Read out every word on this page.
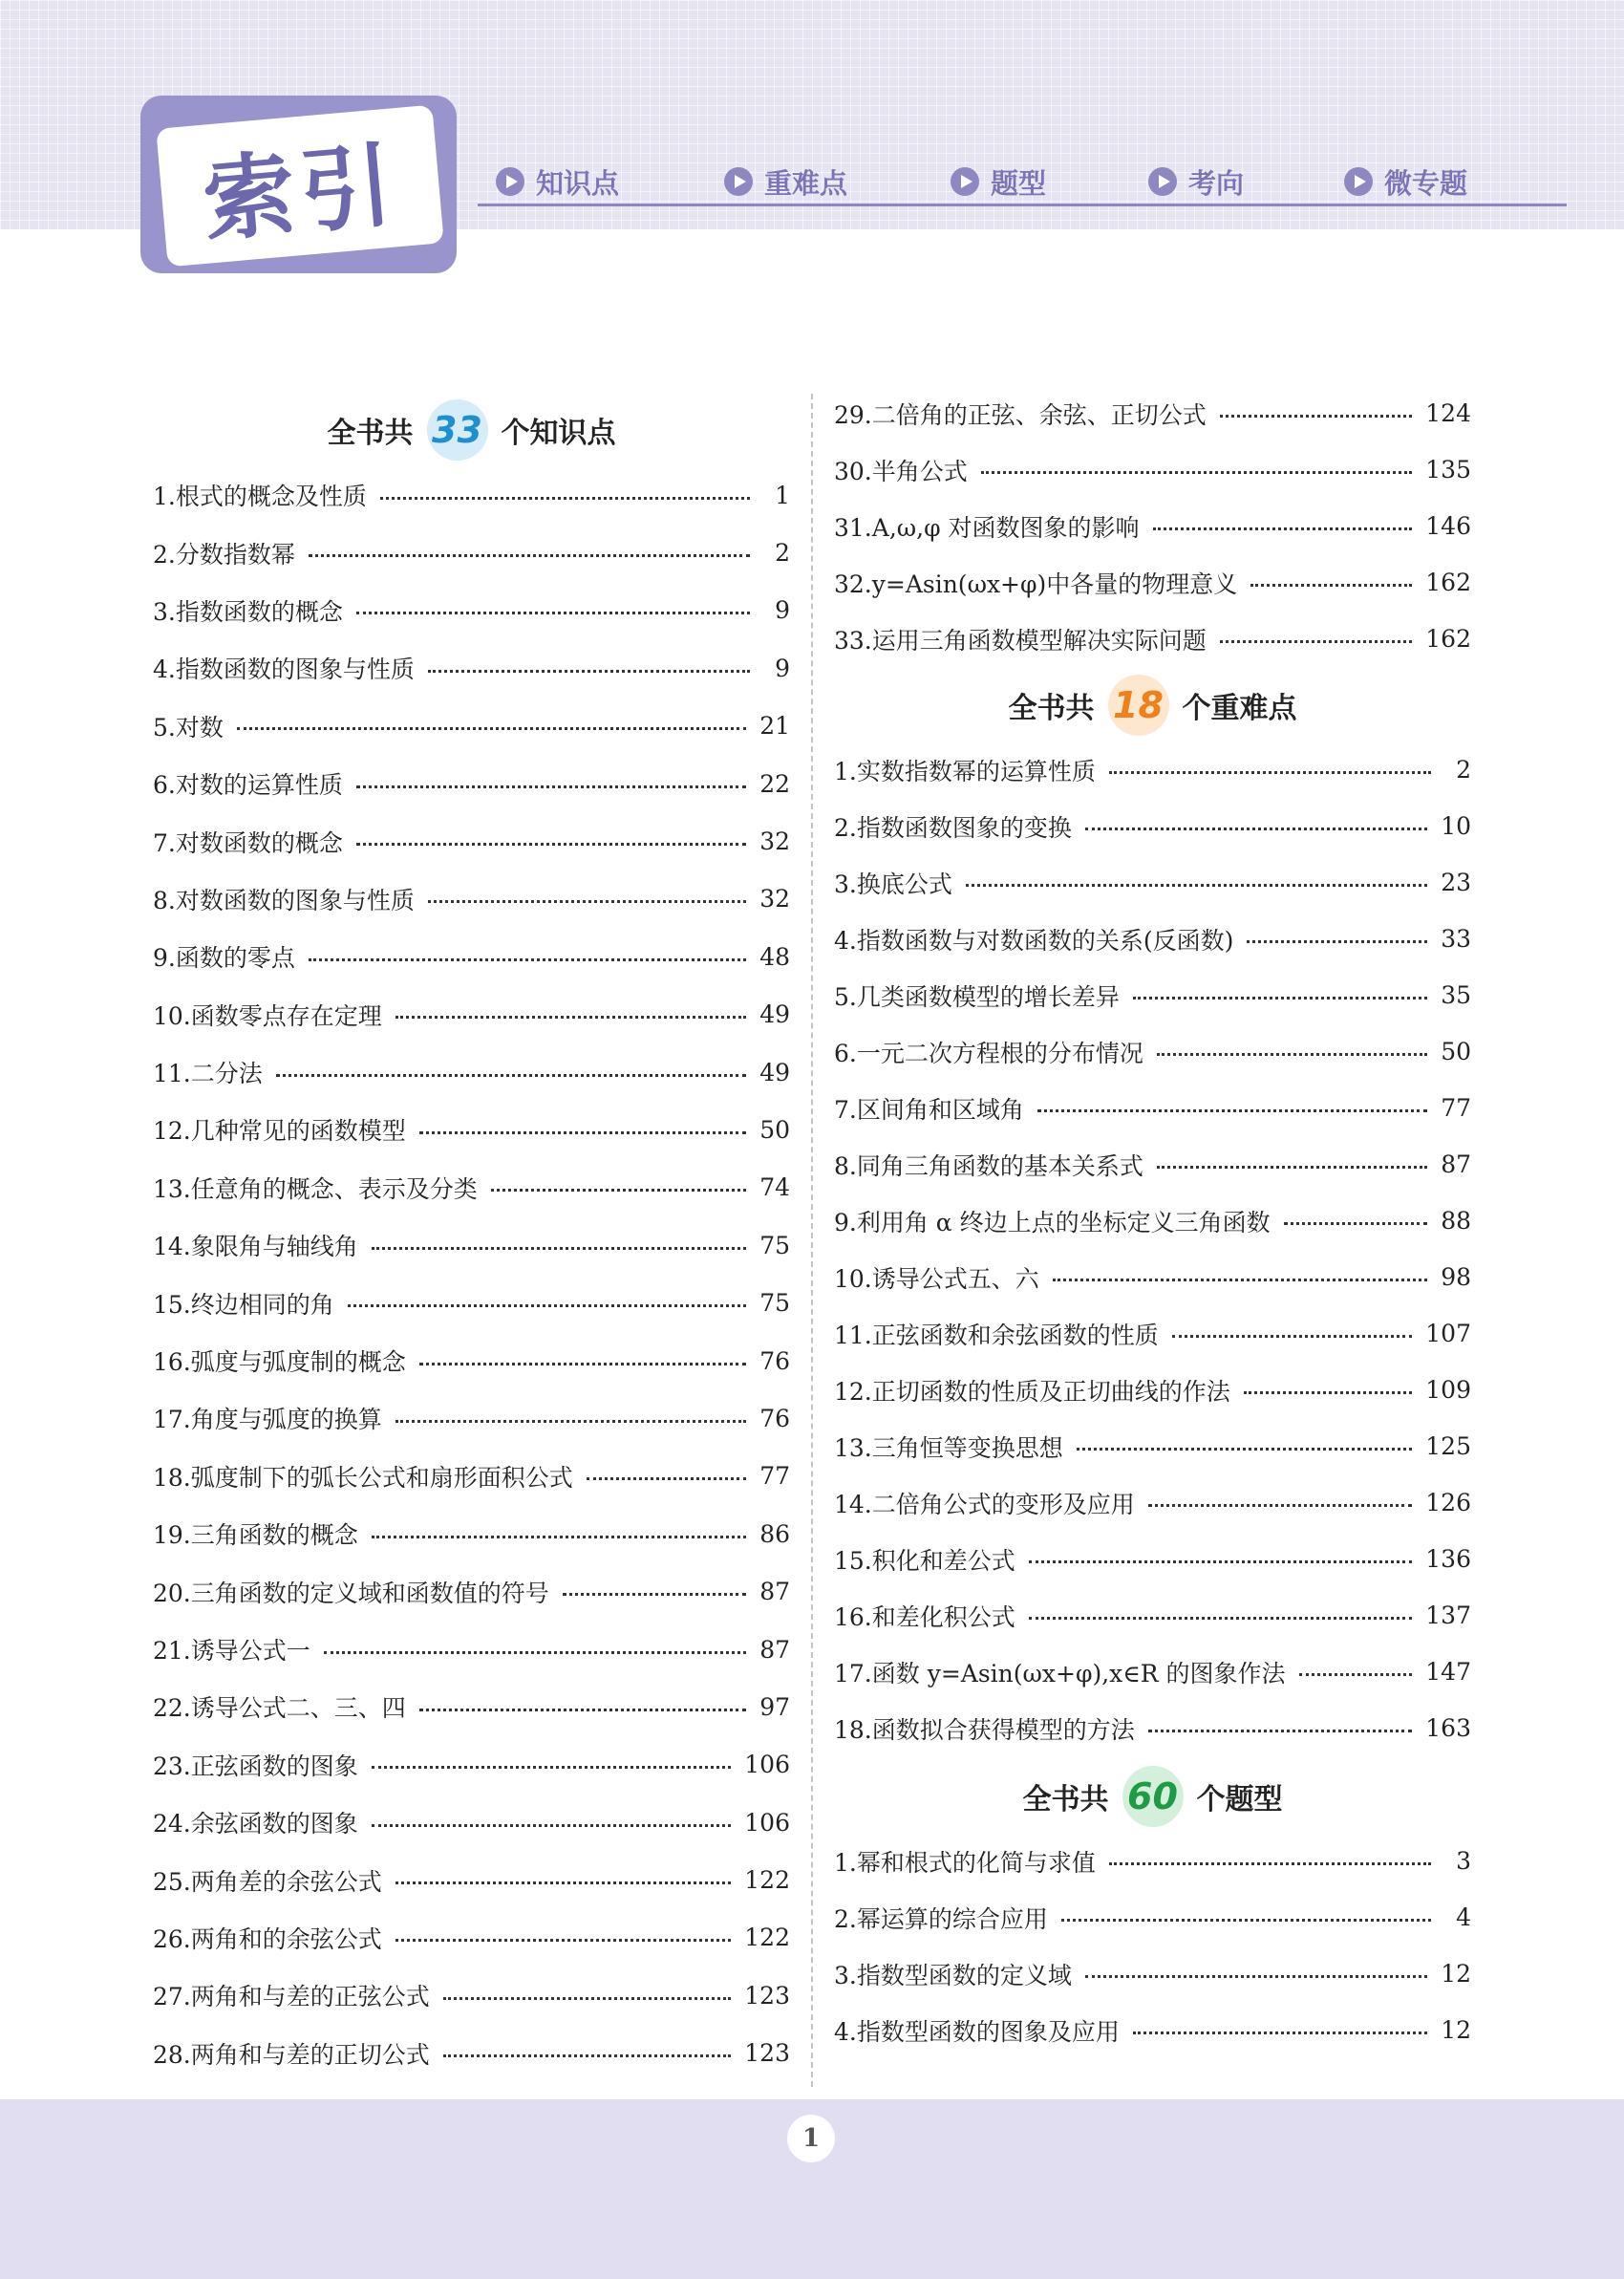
索引	知识点	重难点	题型	考向	微专题
全书共 33 个知识点
1.根式的概念及性质	1
2.分数指数幂	2
3.指数函数的概念	9
4.指数函数的图象与性质	9
5.对数	21
6.对数的运算性质	22
7.对数函数的概念	32
8.对数函数的图象与性质	32
9.函数的零点	48
10.函数零点存在定理	49
11.二分法	49
12.几种常见的函数模型	50
13.任意角的概念、表示及分类	74
14.象限角与轴线角	75
15.终边相同的角	75
16.弧度与弧度制的概念	76
17.角度与弧度的换算	76
18.弧度制下的弧长公式和扇形面积公式	77
19.三角函数的概念	86
20.三角函数的定义域和函数值的符号	87
21.诱导公式一	87
22.诱导公式二、三、四	97
23.正弦函数的图象	106
24.余弦函数的图象	106
25.两角差的余弦公式	122
26.两角和的余弦公式	122
27.两角和与差的正弦公式	123
28.两角和与差的正切公式	123
29.二倍角的正弦、余弦、正切公式	124
30.半角公式	135
31.A,ω,φ 对函数图象的影响	146
32.y=Asin(ωx+φ)中各量的物理意义	162
33.运用三角函数模型解决实际问题	162
全书共 18 个重难点
1.实数指数幂的运算性质	2
2.指数函数图象的变换	10
3.换底公式	23
4.指数函数与对数函数的关系(反函数)	33
5.几类函数模型的增长差异	35
6.一元二次方程根的分布情况	50
7.区间角和区域角	77
8.同角三角函数的基本关系式	87
9.利用角 α 终边上点的坐标定义三角函数	88
10.诱导公式五、六	98
11.正弦函数和余弦函数的性质	107
12.正切函数的性质及正切曲线的作法	109
13.三角恒等变换思想	125
14.二倍角公式的变形及应用	126
15.积化和差公式	136
16.和差化积公式	137
17.函数 y=Asin(ωx+φ),x∈R 的图象作法	147
18.函数拟合获得模型的方法	163
全书共 60 个题型
1.幂和根式的化简与求值	3
2.幂运算的综合应用	4
3.指数型函数的定义域	12
4.指数型函数的图象及应用	12
1
